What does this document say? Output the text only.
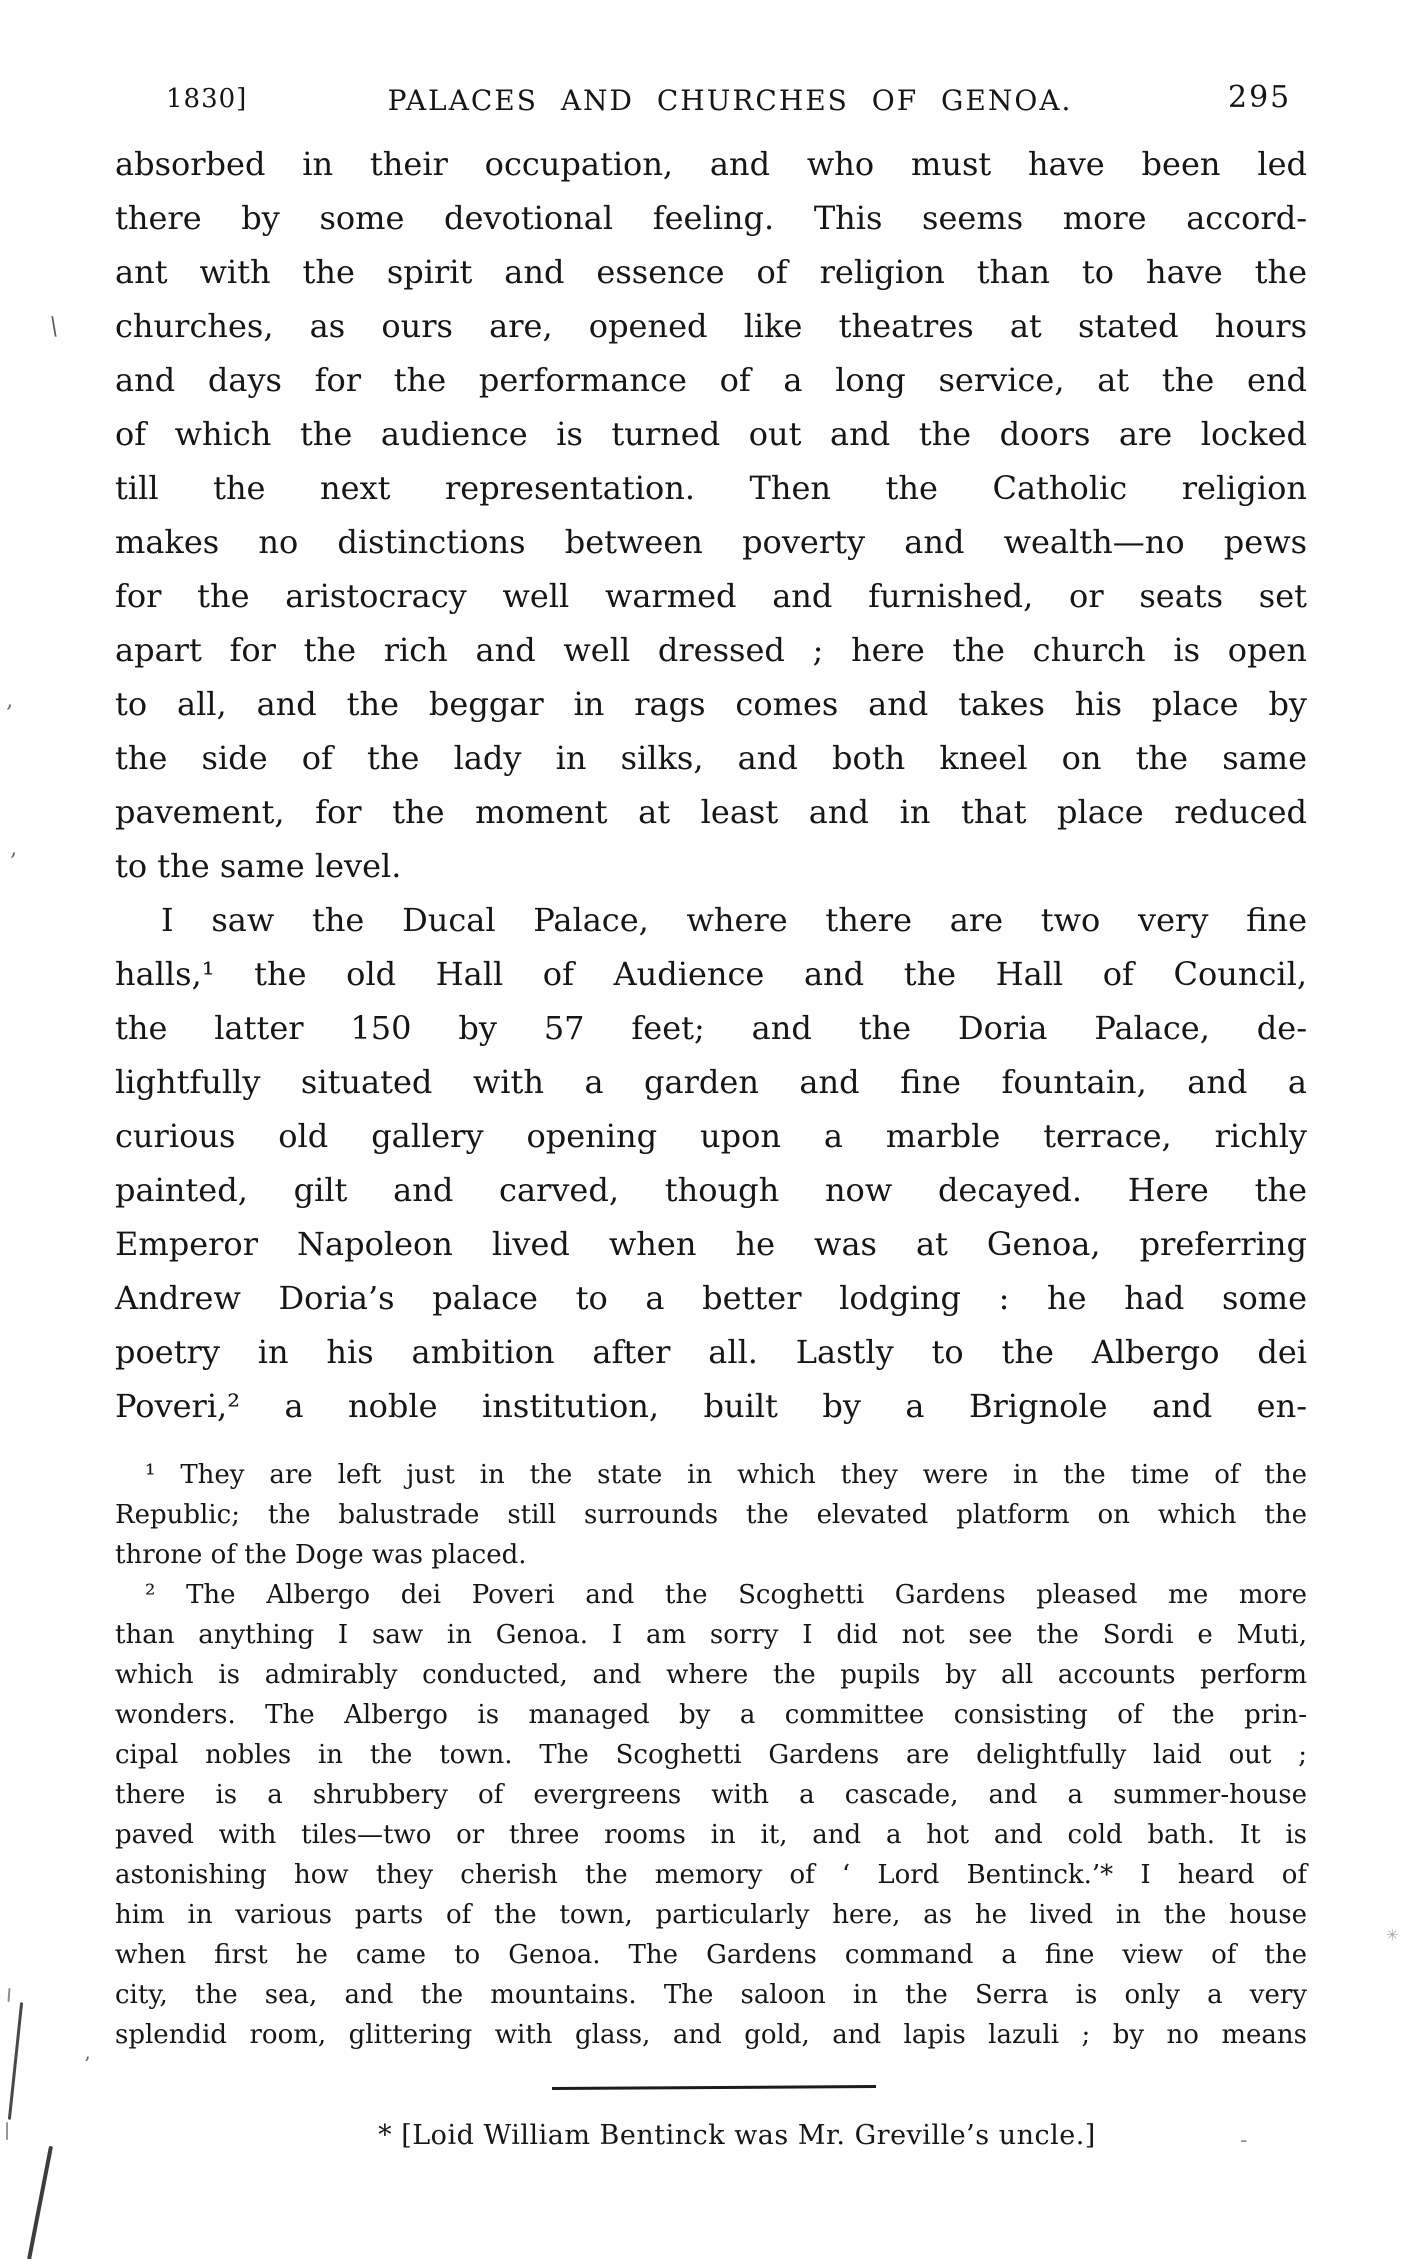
1830]	PALACES AND CHURCHES OF GENOA.	295
absorbed in their occupation, and who must have been led
there by some devotional feeling. This seems more accord-
ant with the spirit and essence of religion than to have the
churches, as ours are, opened like theatres at stated hours
and days for the performance of a long service, at the end
of which the audience is turned out and the doors are locked
till the next representation. Then the Catholic religion
makes no distinctions between poverty and wealth—no pews
for the aristocracy well warmed and furnished, or seats set
apart for the rich and well dressed ; here the church is open
to all, and the beggar in rags comes and takes his place by
the side of the lady in silks, and both kneel on the same
pavement, for the moment at least and in that place reduced
to the same level.
I saw the Ducal Palace, where there are two very fine
halls,¹ the old Hall of Audience and the Hall of Council,
the latter 150 by 57 feet; and the Doria Palace, de-
lightfully situated with a garden and fine fountain, and a
curious old gallery opening upon a marble terrace, richly
painted, gilt and carved, though now decayed. Here the
Emperor Napoleon lived when he was at Genoa, preferring
Andrew Doria’s palace to a better lodging : he had some
poetry in his ambition after all. Lastly to the Albergo dei
Poveri,² a noble institution, built by a Brignole and en-
¹ They are left just in the state in which they were in the time of the
Republic; the balustrade still surrounds the elevated platform on which the
throne of the Doge was placed.
² The Albergo dei Poveri and the Scoghetti Gardens pleased me more
than anything I saw in Genoa. I am sorry I did not see the Sordi e Muti,
which is admirably conducted, and where the pupils by all accounts perform
wonders. The Albergo is managed by a committee consisting of the prin-
cipal nobles in the town. The Scoghetti Gardens are delightfully laid out ;
there is a shrubbery of evergreens with a cascade, and a summer-house
paved with tiles—two or three rooms in it, and a hot and cold bath. It is
astonishing how they cherish the memory of ‘ Lord Bentinck.’* I heard of
him in various parts of the town, particularly here, as he lived in the house
when first he came to Genoa. The Gardens command a fine view of the
city, the sea, and the mountains. The saloon in the Serra is only a very
splendid room, glittering with glass, and gold, and lapis lazuli ; by no means
* [Loid William Bentinck was Mr. Greville’s uncle.]
\
‚
‚
’
✳
-
